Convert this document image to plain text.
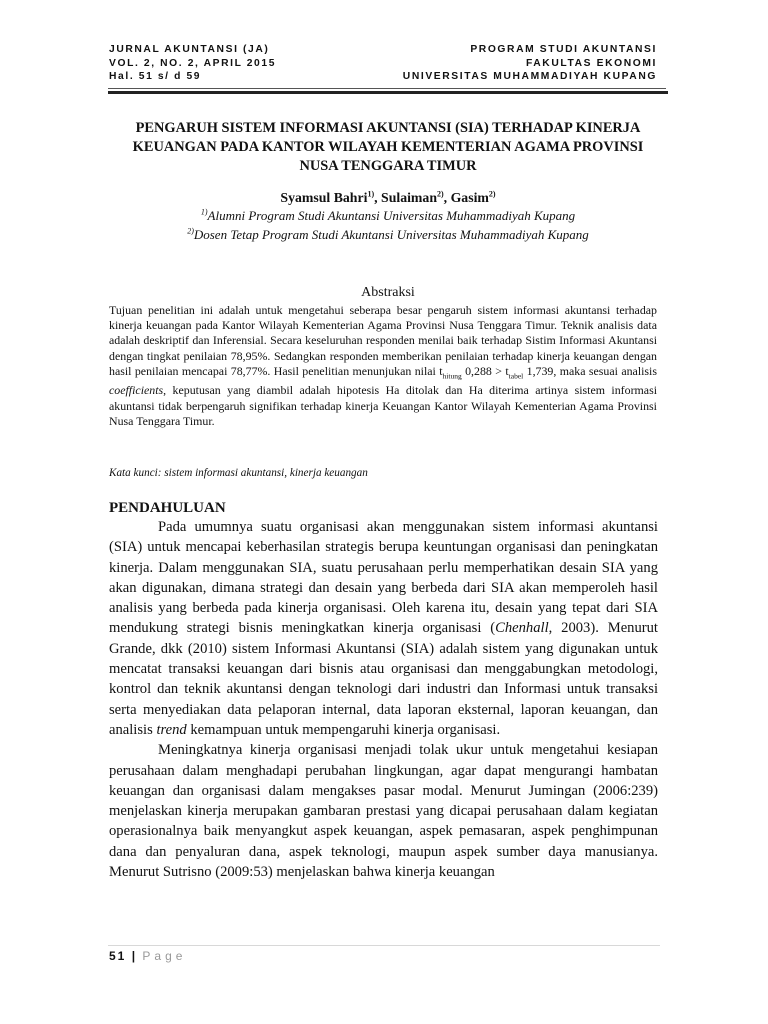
JURNAL AKUNTANSI (JA)
VOL. 2, NO. 2, APRIL 2015
Hal. 51 s/ d 59
PROGRAM STUDI AKUNTANSI
FAKULTAS EKONOMI
UNIVERSITAS MUHAMMADIYAH KUPANG
PENGARUH SISTEM INFORMASI AKUNTANSI (SIA) TERHADAP KINERJA
KEUANGAN PADA KANTOR WILAYAH KEMENTERIAN AGAMA PROVINSI
NUSA TENGGARA TIMUR
Syamsul Bahri$^{1)}$, Sulaiman$^{2)}$, Gasim$^{2)}$
$^{1)}$Alumni Program Studi Akuntansi Universitas Muhammadiyah Kupang
$^{2)}$Dosen Tetap Program Studi Akuntansi Universitas Muhammadiyah Kupang
Abstraksi

Tujuan penelitian ini adalah untuk mengetahui seberapa besar pengaruh sistem informasi akuntansi terhadap kinerja keuangan pada Kantor Wilayah Kementerian Agama Provinsi Nusa Tenggara Timur. Teknik analisis data adalah deskriptif dan Inferensial. Secara keseluruhan responden menilai baik terhadap Sistim Informasi Akuntansi dengan tingkat penilaian 78,95%. Sedangkan responden memberikan penilaian terhadap kinerja keuangan dengan hasil penilaian mencapai 78,77%. Hasil penelitian menunjukan nilai $t_{hitung}$ $0,288 > t_{tabel}$ 1,739, maka sesuai analisis coefficients, keputusan yang diambil adalah hipotesis Ha ditolak dan Ha diterima artinya sistem informasi akuntansi tidak berpengaruh signifikan terhadap kinerja Keuangan Kantor Wilayah Kementerian Agama Provinsi Nusa Tenggara Timur.

Kata kunci: sistem informasi akuntansi, kinerja keuangan
PENDAHULUAN

Pada umumnya suatu organisasi akan menggunakan sistem informasi akuntansi (SIA) untuk mencapai keberhasilan strategis berupa keuntungan organisasi dan peningkatan kinerja. Dalam menggunakan SIA, suatu perusahaan perlu memperhatikan desain SIA yang akan digunakan, dimana strategi dan desain yang berbeda dari SIA akan memperoleh hasil analisis yang berbeda pada kinerja organisasi. Oleh karena itu, desain yang tepat dari SIA mendukung strategi bisnis meningkatkan kinerja organisasi (Chenhall, 2003). Menurut Grande, dkk (2010) sistem Informasi Akuntansi (SIA) adalah sistem yang digunakan untuk mencatat transaksi keuangan dari bisnis atau organisasi dan menggabungkan metodologi, kontrol dan teknik akuntansi dengan teknologi dari industri dan Informasi untuk transaksi serta menyediakan data pelaporan internal, data laporan eksternal, laporan keuangan, dan analisis trend kemampuan untuk mempengaruhi kinerja organisasi.

Meningkatnya kinerja organisasi menjadi tolak ukur untuk mengetahui kesiapan perusahaan dalam menghadapi perubahan lingkungan, agar dapat mengurangi hambatan keuangan dan organisasi dalam mengakses pasar modal. Menurut Jumingan (2006:239) menjelaskan kinerja merupakan gambaran prestasi yang dicapai perusahaan dalam kegiatan operasionalnya baik menyangkut aspek keuangan, aspek pemasaran, aspek penghimpunan dana dan penyaluran dana, aspek teknologi, maupun aspek sumber daya manusianya. Menurut Sutrisno (2009:53) menjelaskan bahwa kinerja keuangan

51 | Page
